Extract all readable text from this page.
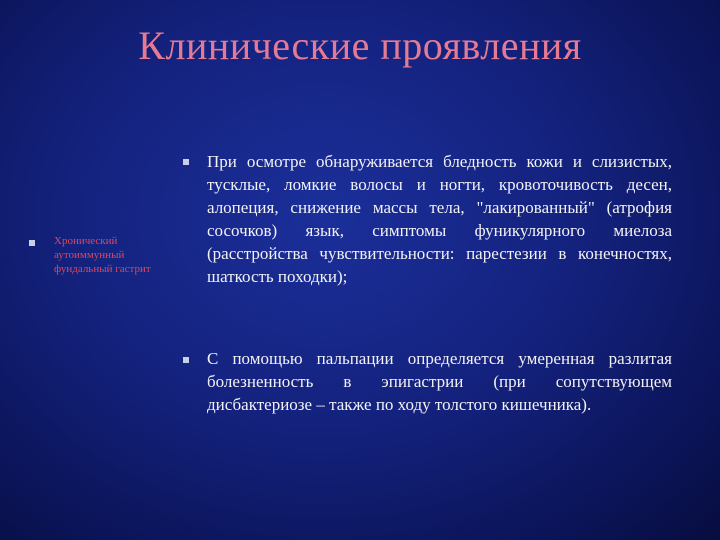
Клинические проявления
Хронический аутоиммунный фундальный гастрит
При осмотре обнаруживается бледность кожи и слизистых, тусклые, ломкие волосы и ногти, кровоточивость десен, алопеция, снижение массы тела, "лакированный" (атрофия сосочков) язык, симптомы фуникулярного миелоза (расстройства чувствительности: парестезии в конечностях, шаткость походки);
С помощью пальпации определяется умеренная разлитая болезненность в эпигастрии (при сопутствующем дисбактериозе – также по ходу толстого кишечника).
